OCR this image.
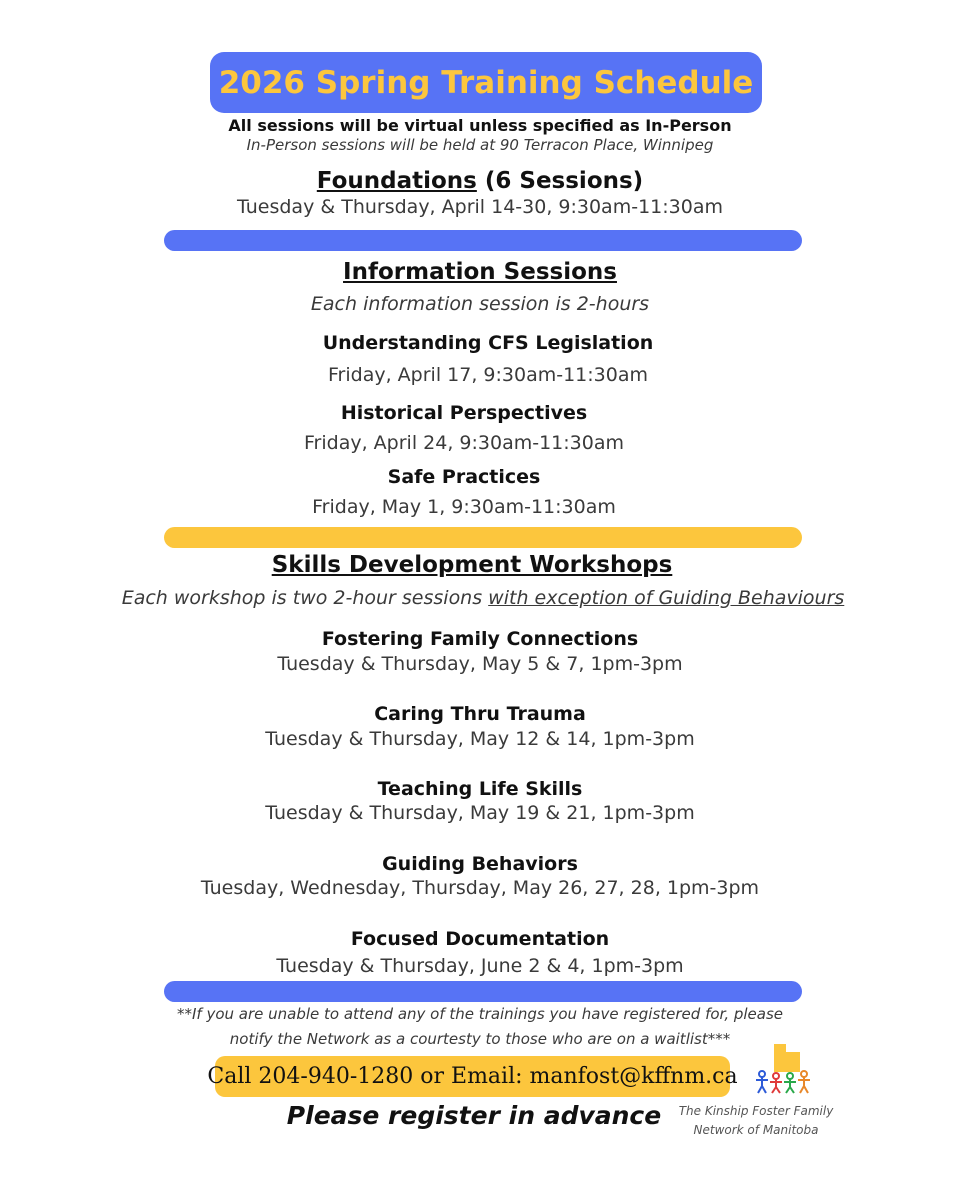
2026 Spring Training Schedule
All sessions will be virtual unless specified as In-Person
In-Person sessions will be held at 90 Terracon Place, Winnipeg
Foundations (6 Sessions)
Tuesday & Thursday, April 14-30, 9:30am-11:30am
Information Sessions
Each information session is 2-hours
Understanding CFS Legislation
Friday, April 17, 9:30am-11:30am
Historical Perspectives
Friday, April 24, 9:30am-11:30am
Safe Practices
Friday, May 1, 9:30am-11:30am
Skills Development Workshops
Each workshop is two 2-hour sessions with exception of Guiding Behaviours
Fostering Family Connections
Tuesday & Thursday, May 5 & 7, 1pm-3pm
Caring Thru Trauma
Tuesday & Thursday, May 12 & 14, 1pm-3pm
Teaching Life Skills
Tuesday & Thursday, May 19 & 21, 1pm-3pm
Guiding Behaviors
Tuesday, Wednesday, Thursday, May 26, 27, 28, 1pm-3pm
Focused Documentation
Tuesday & Thursday, June 2 & 4, 1pm-3pm
**If you are unable to attend any of the trainings you have registered for, please
notify the Network as a courtesty to those who are on a waitlist***
Call 204-940-1280 or Email: manfost@kffnm.ca
Please register in advance	The Kinship Foster Family
Network of Manitoba
